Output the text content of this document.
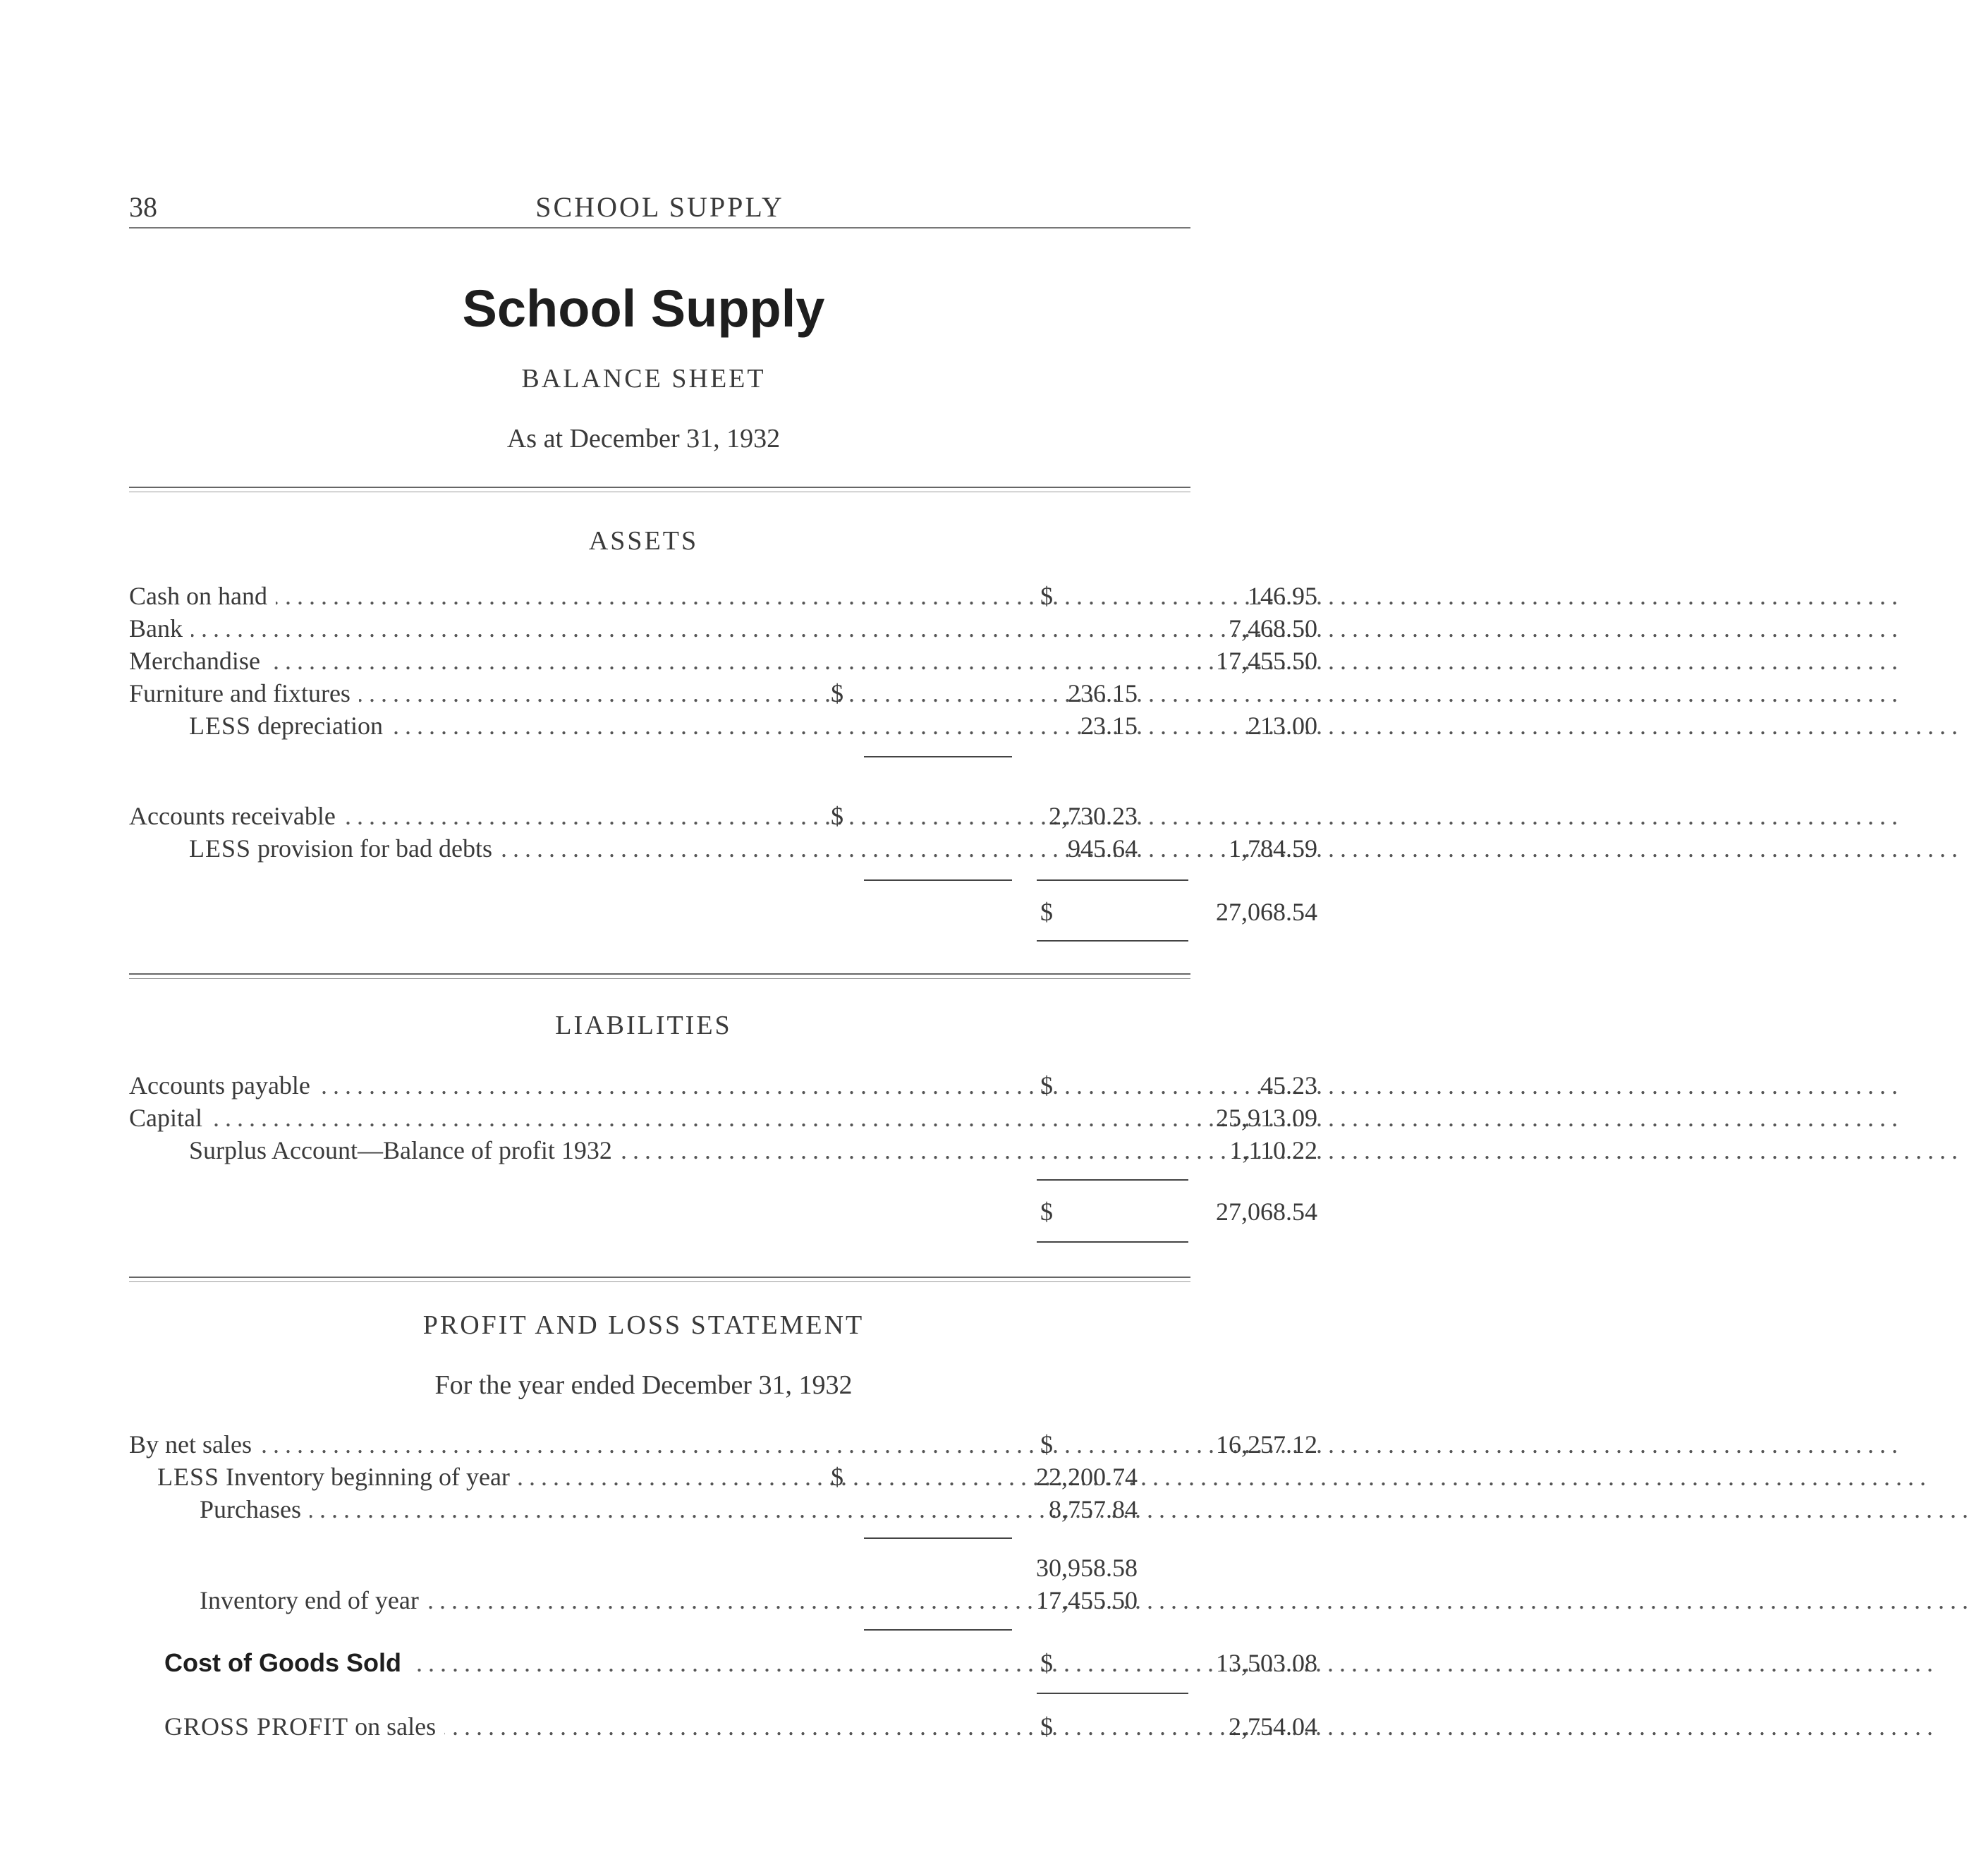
38	SCHOOL SUPPLY
School Supply
BALANCE SHEET
As at December 31, 1932
ASSETS
Cash on hand .....	$	146.95
Bank .....	7,468.50
Merchandise .....	17,455.50
Furniture and fixtures .....	$	236.15
LESS depreciation .....	23.15	213.00
Accounts receivable .....	$	2,730.23
LESS provision for bad debts .....	945.64	1,784.59
$	27,068.54
LIABILITIES
Accounts payable .....	$	45.23
Capital .....	25,913.09
Surplus Account—Balance of profit 1932 .....	1,110.22
$	27,068.54
PROFIT AND LOSS STATEMENT
For the year ended December 31, 1932
By net sales .....	$	16,257.12
LESS Inventory beginning of year .....	$	22,200.74
Purchases .....	8,757.84
30,958.58
Inventory end of year .....	17,455.50
Cost of Goods Sold .....	$	13,503.08
GROSS PROFIT on sales .....	$	2,754.04
